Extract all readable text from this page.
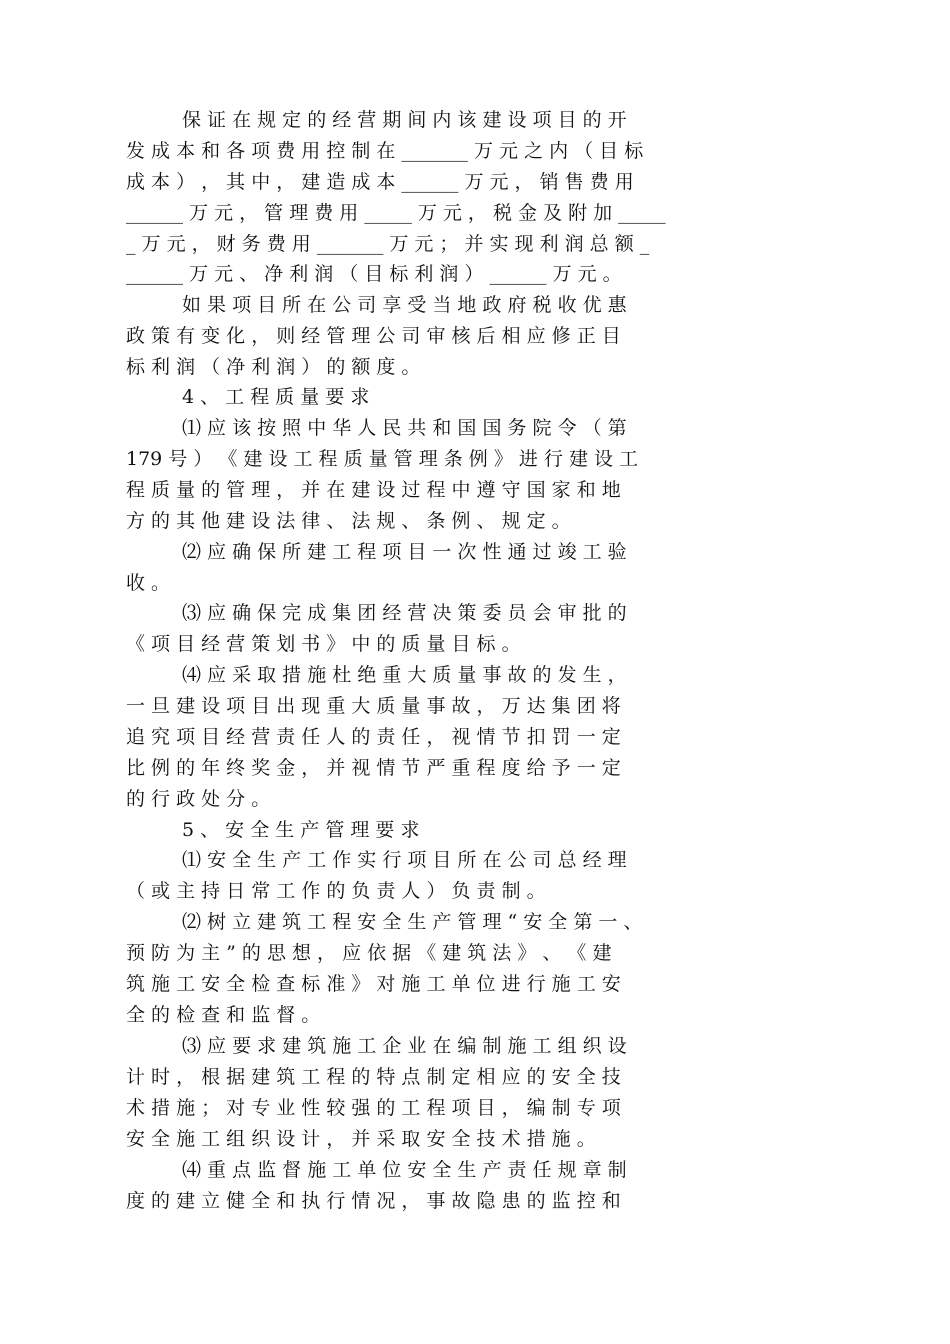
保 证 在 规 定 的 经 营 期 间 内 该 建 设 项 目 的 开
发 成 本 和 各 项 费 用 控 制 在 _______ 万 元 之 内 （ 目 标
成 本 ） ， 其 中 ， 建 造 成 本 ______ 万 元 ， 销 售 费 用
______ 万 元 ， 管 理 费 用 _____ 万 元 ， 税 金 及 附 加 _____
_ 万 元 ， 财 务 费 用 _______ 万 元 ； 并 实 现 利 润 总 额 _
______ 万 元 、 净 利 润 （ 目 标 利 润 ） ______ 万 元 。
如 果 项 目 所 在 公 司 享 受 当 地 政 府 税 收 优 惠
政 策 有 变 化 ， 则 经 管 理 公 司 审 核 后 相 应 修 正 目
标 利 润 （ 净 利 润 ） 的 额 度 。
4 、 工 程 质 量 要 求
⑴ 应 该 按 照 中 华 人 民 共 和 国 国 务 院 令 （ 第
179 号 ） 《 建 设 工 程 质 量 管 理 条 例 》 进 行 建 设 工
程 质 量 的 管 理 ， 并 在 建 设 过 程 中 遵 守 国 家 和 地
方 的 其 他 建 设 法 律 、 法 规 、 条 例 、 规 定 。
⑵ 应 确 保 所 建 工 程 项 目 一 次 性 通 过 竣 工 验
收 。
⑶ 应 确 保 完 成 集 团 经 营 决 策 委 员 会 审 批 的
《 项 目 经 营 策 划 书 》 中 的 质 量 目 标 。
⑷ 应 采 取 措 施 杜 绝 重 大 质 量 事 故 的 发 生 ，
一 旦 建 设 项 目 出 现 重 大 质 量 事 故 ， 万 达 集 团 将
追 究 项 目 经 营 责 任 人 的 责 任 ， 视 情 节 扣 罚 一 定
比 例 的 年 终 奖 金 ， 并 视 情 节 严 重 程 度 给 予 一 定
的 行 政 处 分 。
5 、 安 全 生 产 管 理 要 求
⑴ 安 全 生 产 工 作 实 行 项 目 所 在 公 司 总 经 理
（ 或 主 持 日 常 工 作 的 负 责 人 ） 负 责 制 。
⑵ 树 立 建 筑 工 程 安 全 生 产 管 理 “ 安 全 第 一 、
预 防 为 主 ” 的 思 想 ， 应 依 据 《 建 筑 法 》 、 《 建
筑 施 工 安 全 检 查 标 准 》 对 施 工 单 位 进 行 施 工 安
全 的 检 查 和 监 督 。
⑶ 应 要 求 建 筑 施 工 企 业 在 编 制 施 工 组 织 设
计 时 ， 根 据 建 筑 工 程 的 特 点 制 定 相 应 的 安 全 技
术 措 施 ； 对 专 业 性 较 强 的 工 程 项 目 ， 编 制 专 项
安 全 施 工 组 织 设 计 ， 并 采 取 安 全 技 术 措 施 。
⑷ 重 点 监 督 施 工 单 位 安 全 生 产 责 任 规 章 制
度 的 建 立 健 全 和 执 行 情 况 ， 事 故 隐 患 的 监 控 和
